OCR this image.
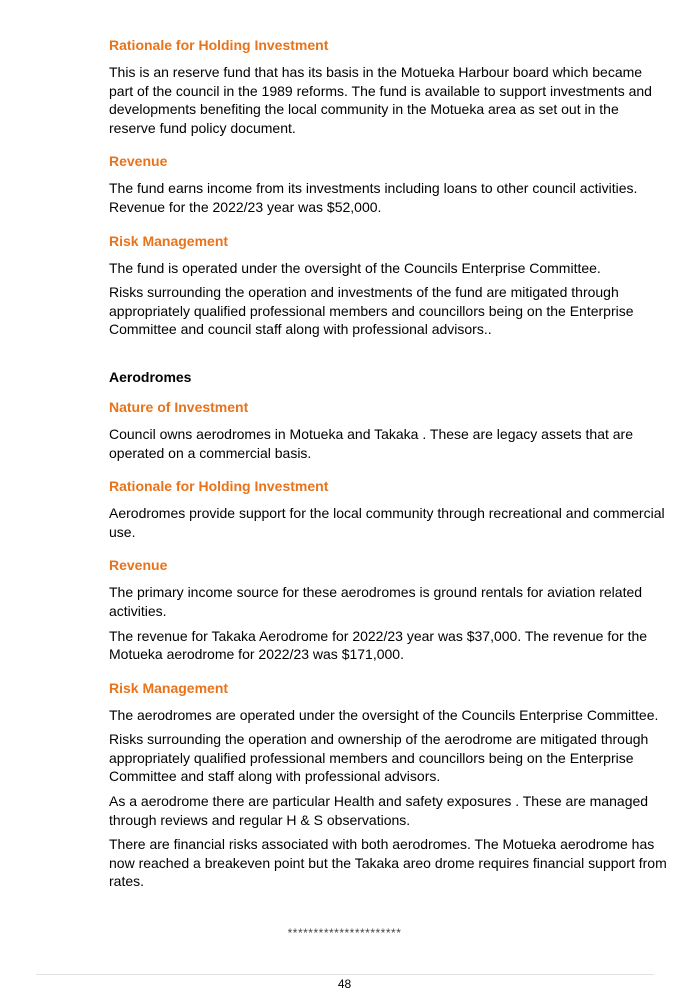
Rationale for Holding Investment
This is an reserve fund that has its basis in the Motueka Harbour board which became part of the council in the 1989 reforms. The fund is available to support investments and developments benefiting the local community in the Motueka area as set out in the reserve fund policy document.
Revenue
The fund earns income from its investments including loans to other council activities. Revenue for the 2022/23 year was $52,000.
Risk Management
The fund is operated under the oversight of the Councils Enterprise Committee.
Risks surrounding the operation and investments of the fund are mitigated through appropriately qualified professional members and councillors being on the Enterprise Committee and council staff along with professional advisors..
Aerodromes
Nature of Investment
Council owns aerodromes in Motueka and Takaka . These are legacy assets that are operated on a commercial basis.
Rationale for Holding Investment
Aerodromes provide support for the local community through recreational and commercial use.
Revenue
The primary income source for these aerodromes is ground rentals for aviation related activities.
The revenue for Takaka Aerodrome for 2022/23 year was $37,000. The revenue for the Motueka aerodrome for 2022/23 was $171,000.
Risk Management
The aerodromes are operated under the oversight of the Councils Enterprise Committee.
Risks surrounding the operation and ownership of the aerodrome are mitigated through appropriately qualified professional members and councillors being on the Enterprise Committee and staff along with professional advisors.
As a aerodrome there are particular Health and safety exposures . These are managed through reviews and regular H & S observations.
There are financial risks associated with both aerodromes. The Motueka aerodrome has now reached a breakeven point but the Takaka areo drome requires financial support from rates.
**********************
48
